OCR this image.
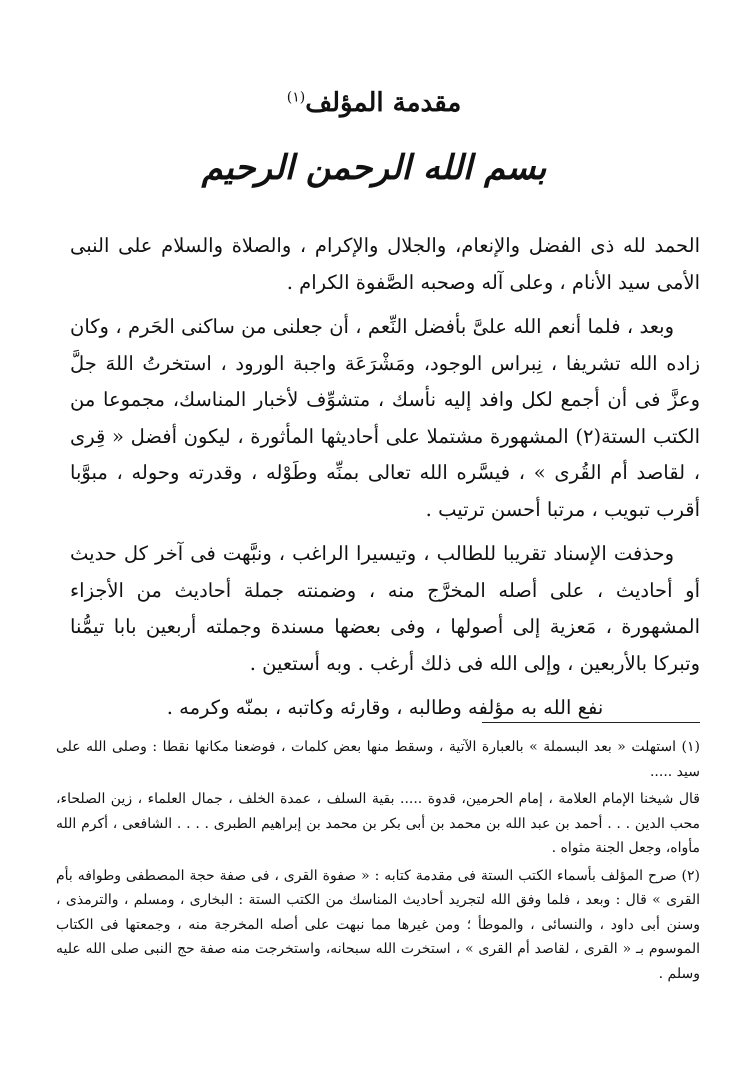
مقدمة المؤلف$^{(١)}$
بسم الله الرحمن الرحيم

الحمد لله ذى الفضل والإنعام، والجلال والإكرام ، والصلاة والسلام على النبى الأمى سيد الأنام ، وعلى آله وصحبه الصَّفوة الكرام .

وبعد ، فلما أنعم الله علىَّ بأفضل النِّعم ، أن جعلنى من ساكنى الحَرم ، وكان زاده الله تشريفا ، نِبراس الوجود، ومَشْرَعَة واجبة الورود ، استخرتُ اللهَ جلَّ وعزَّ فى أن أجمع لكل وافد إليه نأسك ، متشوِّف لأخبار المناسك، مجموعا من الكتب الستة(٢) المشهورة مشتملا على أحاديثها المأثورة ، ليكون أفضل « قِرى ، لقاصد أم القُرى » ، فيسَّره الله تعالى بمنِّه وطَوْله ، وقدرته وحوله ، مبوَّبا أقرب تبويب ، مرتبا أحسن ترتيب .

وحذفت الإسناد تقريبا للطالب ، وتيسيرا الراغب ، ونبَّهت فى آخر كل حديث أو أحاديث ، على أصله المخرَّج منه ، وضمنته جملة أحاديث من الأجزاء المشهورة ، مَعزية إلى أصولها ، وفى بعضها مسندة وجملته أربعين بابا تيمُّنا وتبركا بالأربعين ، وإلى الله فى ذلك أرغب . وبه أستعين .

نفع الله به مؤلفه وطالبه ، وقارئه وكاتبه ، بمنّه وكرمه .

(١) استهلت « بعد البسملة » بالعبارة الآتية ، وسقط منها بعض كلمات ، فوضعنا مكانها نقطا : وصلى الله على سيد .....

قال شيخنا الإمام العلامة ، إمام الحرمين، قدوة ..... بقية السلف ، عمدة الخلف ، جمال العلماء ، زين الصلحاء، محب الدين . . . أحمد بن عبد الله بن محمد بن أبى بكر بن محمد بن إبراهيم الطبرى . . . . الشافعى ، أكرم الله مأواه، وجعل الجنة مثواه .

(٢) صرح المؤلف بأسماء الكتب الستة فى مقدمة كتابه : « صفوة القرى ، فى صفة حجة المصطفى وطوافه بأم القرى » قال : وبعد ، فلما وفق الله لتجريد أحاديث المناسك من الكتب الستة : البخارى ، ومسلم ، والترمذى ، وسنن أبى داود ، والنسائى ، والموطأ ؛ ومن غيرها مما نبهت على أصله المخرجة منه ، وجمعتها فى الكتاب الموسوم بـ « القرى ، لقاصد أم القرى » ، استخرت الله سبحانه، واستخرجت منه صفة حج النبى صلى الله عليه وسلم .
